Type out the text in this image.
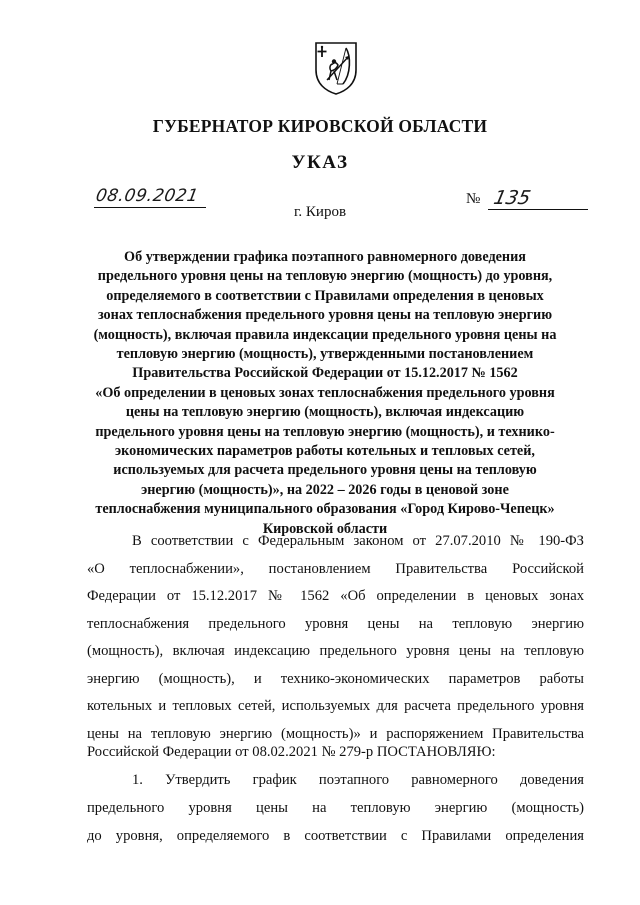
ГУБЕРНАТОР КИРОВСКОЙ ОБЛАСТИ
УКАЗ
08.09.2021	№ 135
г. Киров
Об утверждении графика поэтапного равномерного доведения
предельного уровня цены на тепловую энергию (мощность) до уровня,
определяемого в соответствии с Правилами определения в ценовых
зонах теплоснабжения предельного уровня цены на тепловую энергию
(мощность), включая правила индексации предельного уровня цены на
тепловую энергию (мощность), утвержденными постановлением
Правительства Российской Федерации от 15.12.2017 № 1562
«Об определении в ценовых зонах теплоснабжения предельного уровня
цены на тепловую энергию (мощность), включая индексацию
предельного уровня цены на тепловую энергию (мощность), и технико-
экономических параметров работы котельных и тепловых сетей,
используемых для расчета предельного уровня цены на тепловую
энергию (мощность)», на 2022 – 2026 годы в ценовой зоне
теплоснабжения муниципального образования «Город Кирово-Чепецк»
Кировской области
В соответствии с Федеральным законом от 27.07.2010 № 190-ФЗ
«О теплоснабжении», постановлением Правительства Российской
Федерации от 15.12.2017 № 1562 «Об определении в ценовых зонах
теплоснабжения предельного уровня цены на тепловую энергию
(мощность), включая индексацию предельного уровня цены на тепловую
энергию (мощность), и технико-экономических параметров работы
котельных и тепловых сетей, используемых для расчета предельного уровня
цены на тепловую энергию (мощность)» и распоряжением Правительства
Российской Федерации от 08.02.2021 № 279-р ПОСТАНОВЛЯЮ:
1. Утвердить график поэтапного равномерного доведения
предельного уровня цены на тепловую энергию (мощность)
до уровня, определяемого в соответствии с Правилами определения
